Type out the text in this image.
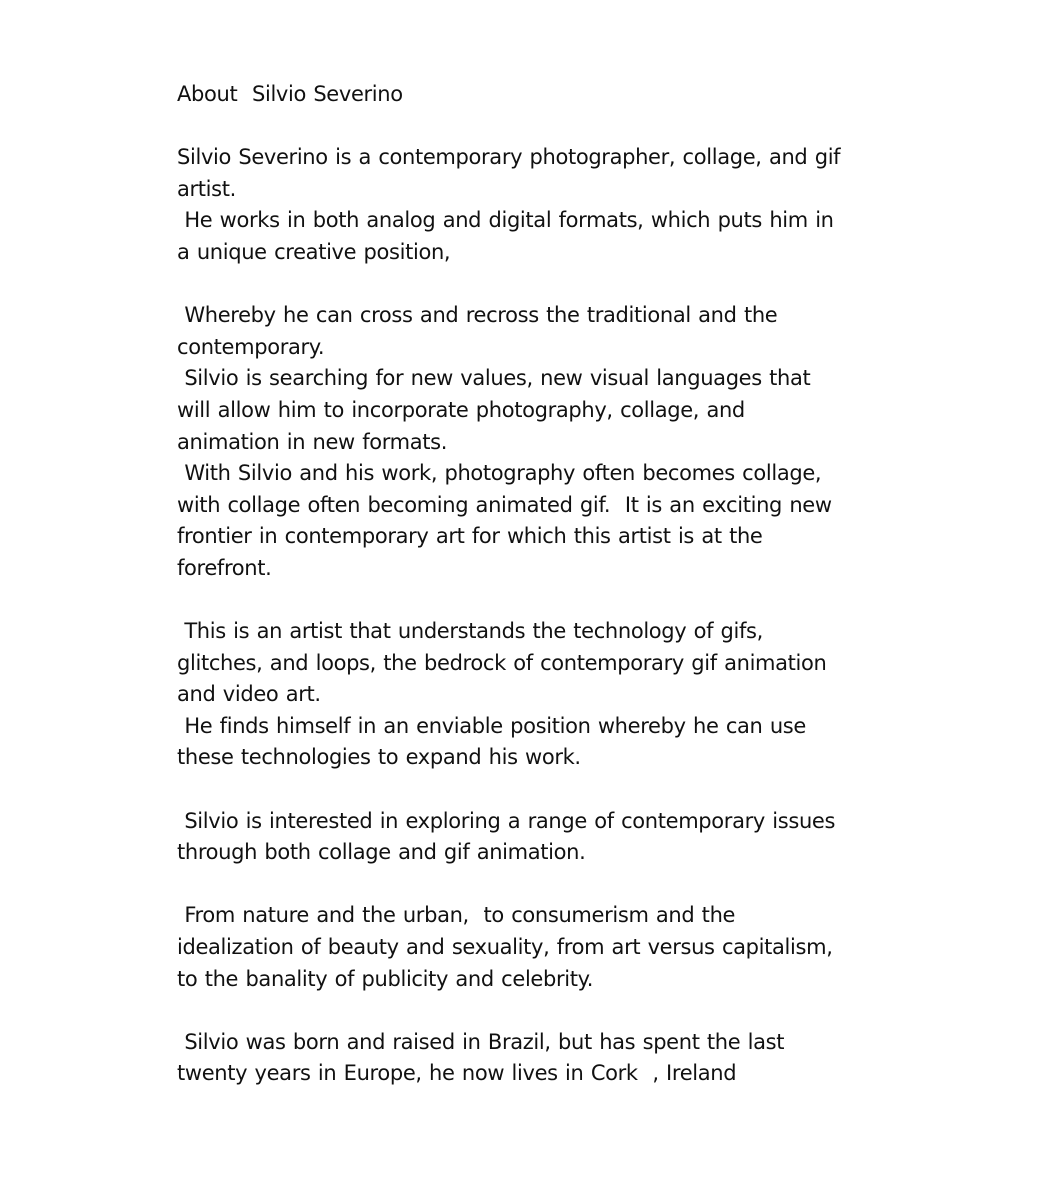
About  Silvio Severino
Silvio Severino is a contemporary photographer, collage, and gif
artist.
He works in both analog and digital formats, which puts him in
a unique creative position,
Whereby he can cross and recross the traditional and the
contemporary.
Silvio is searching for new values, new visual languages that
will allow him to incorporate photography, collage, and
animation in new formats.
With Silvio and his work, photography often becomes collage,
with collage often becoming animated gif.  It is an exciting new
frontier in contemporary art for which this artist is at the
forefront.
This is an artist that understands the technology of gifs,
glitches, and loops, the bedrock of contemporary gif animation
and video art.
He finds himself in an enviable position whereby he can use
these technologies to expand his work.
Silvio is interested in exploring a range of contemporary issues
through both collage and gif animation.
From nature and the urban,  to consumerism and the
idealization of beauty and sexuality, from art versus capitalism,
to the banality of publicity and celebrity.
Silvio was born and raised in Brazil, but has spent the last
twenty years in Europe, he now lives in Cork  , Ireland
